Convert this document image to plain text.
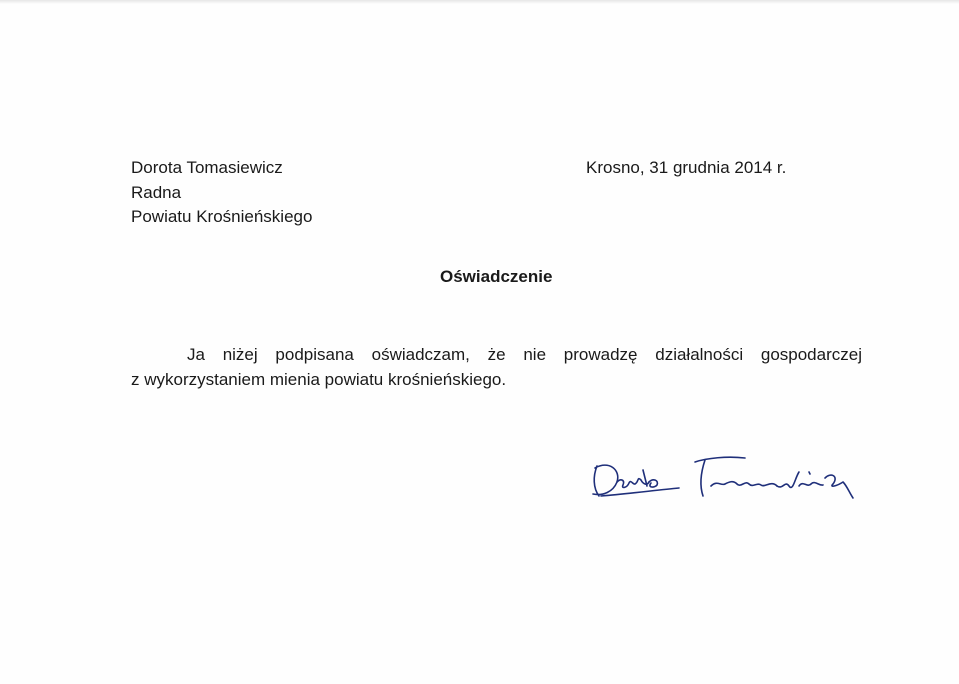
Dorota Tomasiewicz
Radna
Powiatu Krośnieńskiego
Krosno, 31 grudnia 2014 r.
Oświadczenie
Ja niżej podpisana oświadczam, że nie prowadzę działalności gospodarczej
z wykorzystaniem mienia powiatu krośnieńskiego.
